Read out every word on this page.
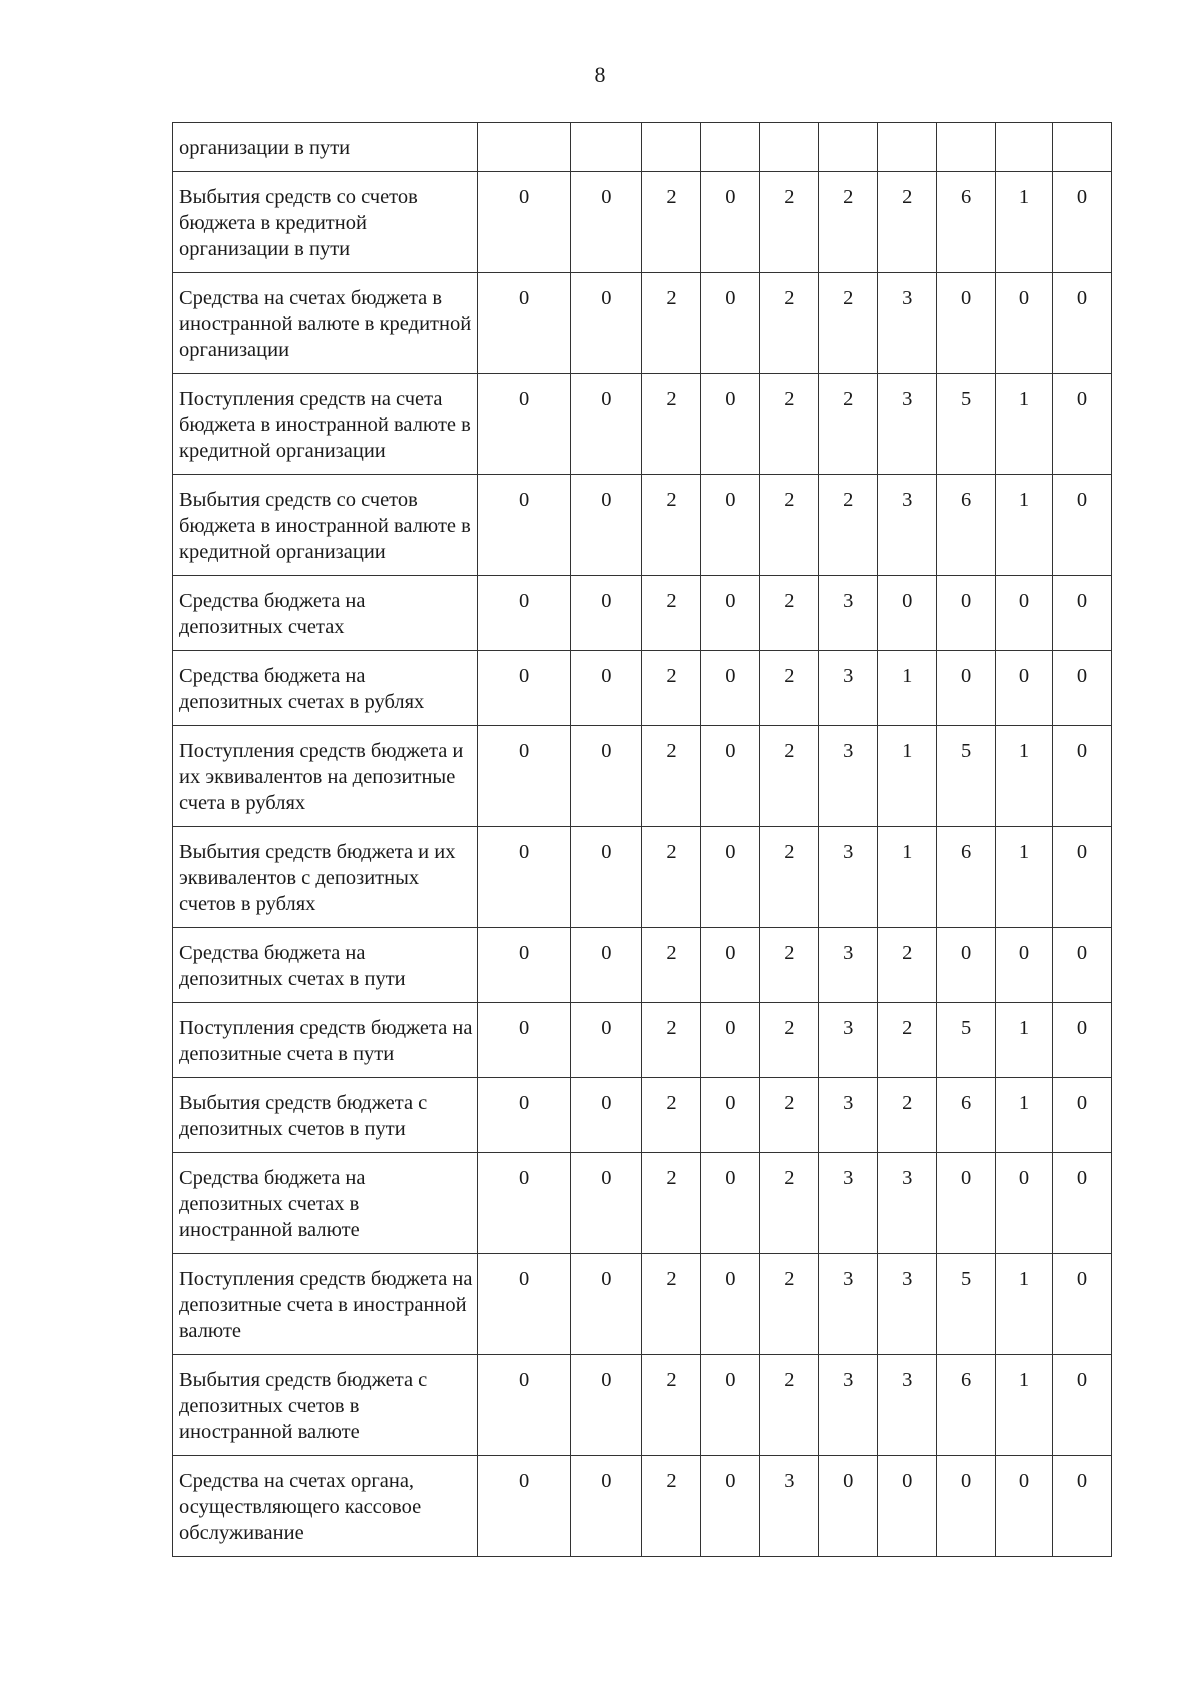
8
организации в пути										
Выбытия средств со счетов бюджета в кредитной организации в пути	0	0	2	0	2	2	2	6	1	0
Средства на счетах бюджета в иностранной валюте в кредитной организации	0	0	2	0	2	2	3	0	0	0
Поступления средств на счета бюджета в иностранной валюте в кредитной организации	0	0	2	0	2	2	3	5	1	0
Выбытия средств со счетов бюджета в иностранной валюте в кредитной организации	0	0	2	0	2	2	3	6	1	0
Средства бюджета на депозитных счетах	0	0	2	0	2	3	0	0	0	0
Средства бюджета на депозитных счетах в рублях	0	0	2	0	2	3	1	0	0	0
Поступления средств бюджета и их эквивалентов на депозитные счета в рублях	0	0	2	0	2	3	1	5	1	0
Выбытия средств бюджета и их эквивалентов с депозитных счетов в рублях	0	0	2	0	2	3	1	6	1	0
Средства бюджета на депозитных счетах в пути	0	0	2	0	2	3	2	0	0	0
Поступления средств бюджета на депозитные счета в пути	0	0	2	0	2	3	2	5	1	0
Выбытия средств бюджета с депозитных счетов в пути	0	0	2	0	2	3	2	6	1	0
Средства бюджета на депозитных счетах в иностранной валюте	0	0	2	0	2	3	3	0	0	0
Поступления средств бюджета на депозитные счета в иностранной валюте	0	0	2	0	2	3	3	5	1	0
Выбытия средств бюджета с депозитных счетов в иностранной валюте	0	0	2	0	2	3	3	6	1	0
Средства на счетах органа, осуществляющего кассовое обслуживание	0	0	2	0	3	0	0	0	0	0
